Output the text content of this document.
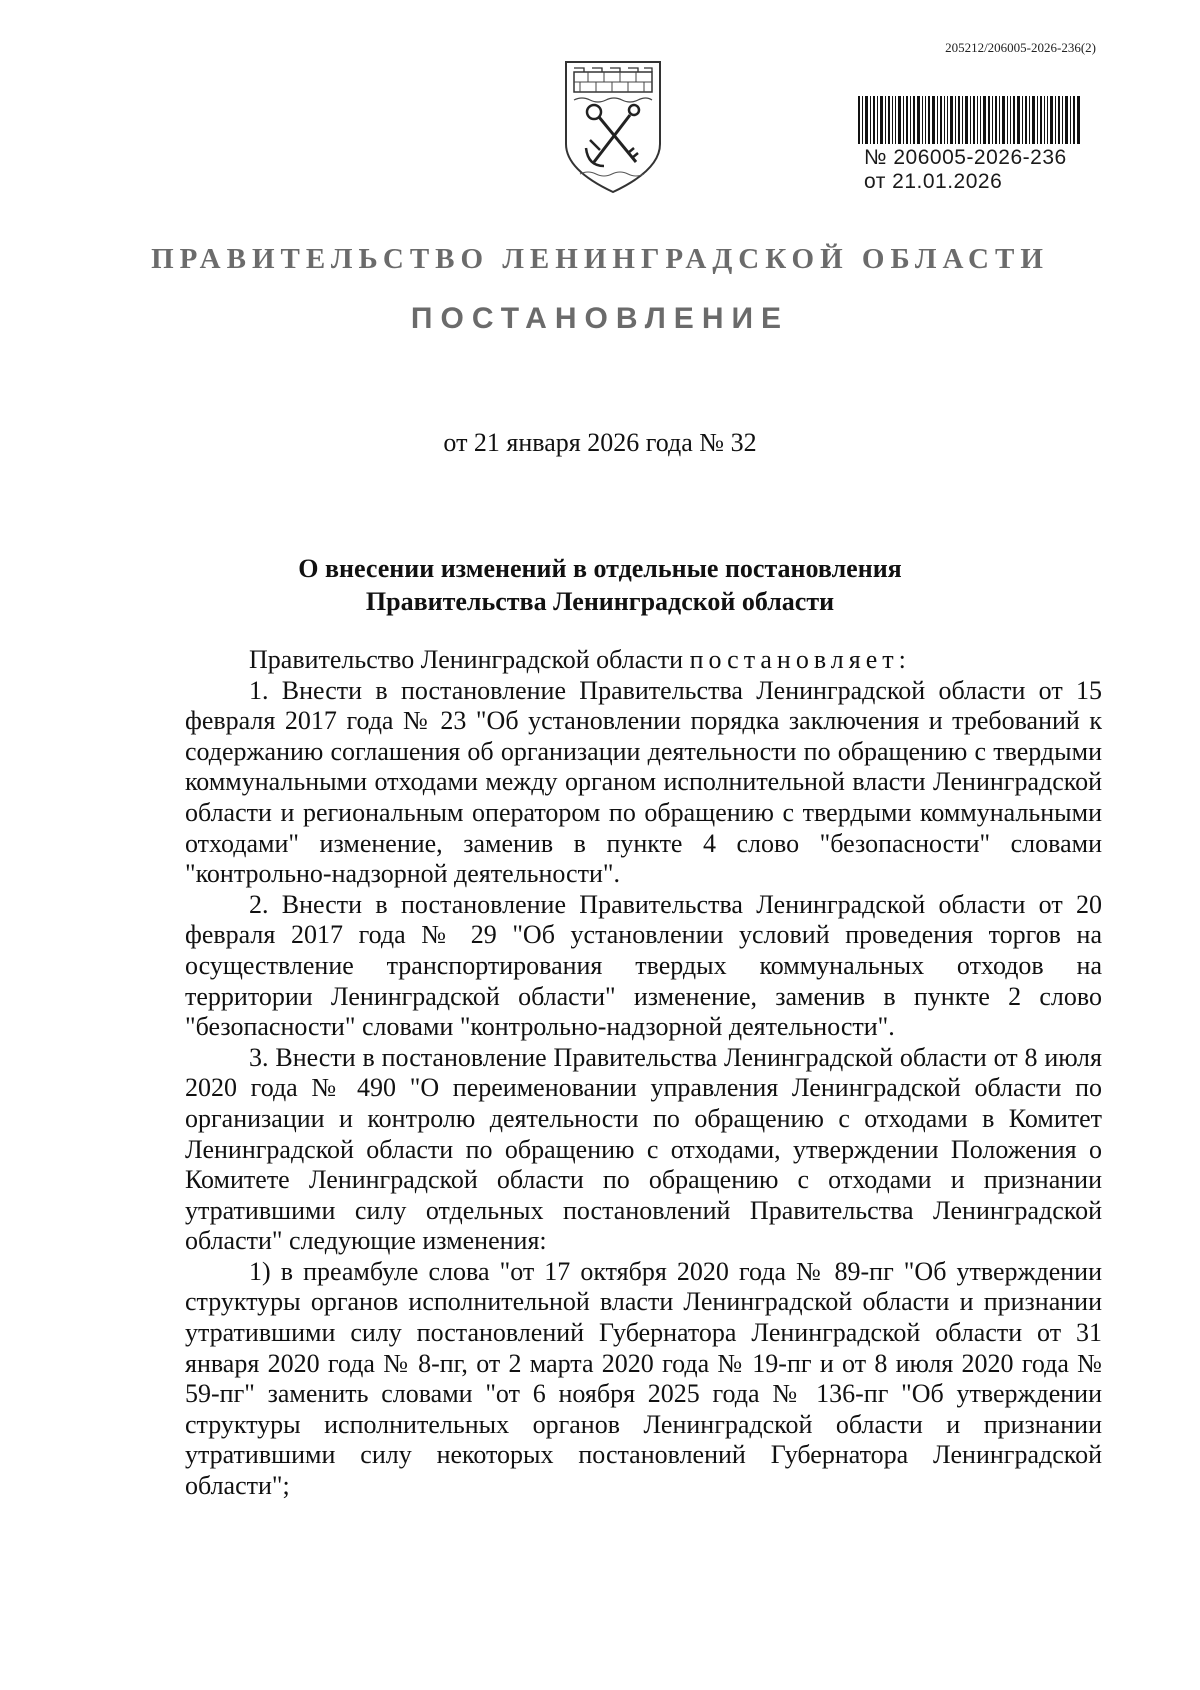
205212/206005-2026-236(2)
№ 206005-2026-236
от 21.01.2026
ПРАВИТЕЛЬСТВО ЛЕНИНГРАДСКОЙ ОБЛАСТИ
ПОСТАНОВЛЕНИЕ
от 21 января 2026 года № 32
О внесении изменений в отдельные постановления
Правительства Ленинградской области

Правительство Ленинградской области постановляет:

1. Внести в постановление Правительства Ленинградской области от 15 февраля 2017 года № 23 "Об установлении порядка заключения и требований к содержанию соглашения об организации деятельности по обращению с твердыми коммунальными отходами между органом исполнительной власти Ленинградской области и региональным оператором по обращению с твердыми коммунальными отходами" изменение, заменив в пункте 4 слово "безопасности" словами "контрольно-надзорной деятельности".

2. Внести в постановление Правительства Ленинградской области от 20 февраля 2017 года № 29 "Об установлении условий проведения торгов на осуществление транспортирования твердых коммунальных отходов на территории Ленинградской области" изменение, заменив в пункте 2 слово "безопасности" словами "контрольно-надзорной деятельности".

3. Внести в постановление Правительства Ленинградской области от 8 июля 2020 года № 490 "О переименовании управления Ленинградской области по организации и контролю деятельности по обращению с отходами в Комитет Ленинградской области по обращению с отходами, утверждении Положения о Комитете Ленинградской области по обращению с отходами и признании утратившими силу отдельных постановлений Правительства Ленинградской области" следующие изменения:

1) в преамбуле слова "от 17 октября 2020 года № 89-пг "Об утверждении структуры органов исполнительной власти Ленинградской области и признании утратившими силу постановлений Губернатора Ленинградской области от 31 января 2020 года № 8-пг, от 2 марта 2020 года № 19-пг и от 8 июля 2020 года № 59-пг" заменить словами "от 6 ноября 2025 года № 136-пг "Об утверждении структуры исполнительных органов Ленинградской области и признании утратившими силу некоторых постановлений Губернатора Ленинградской области";
